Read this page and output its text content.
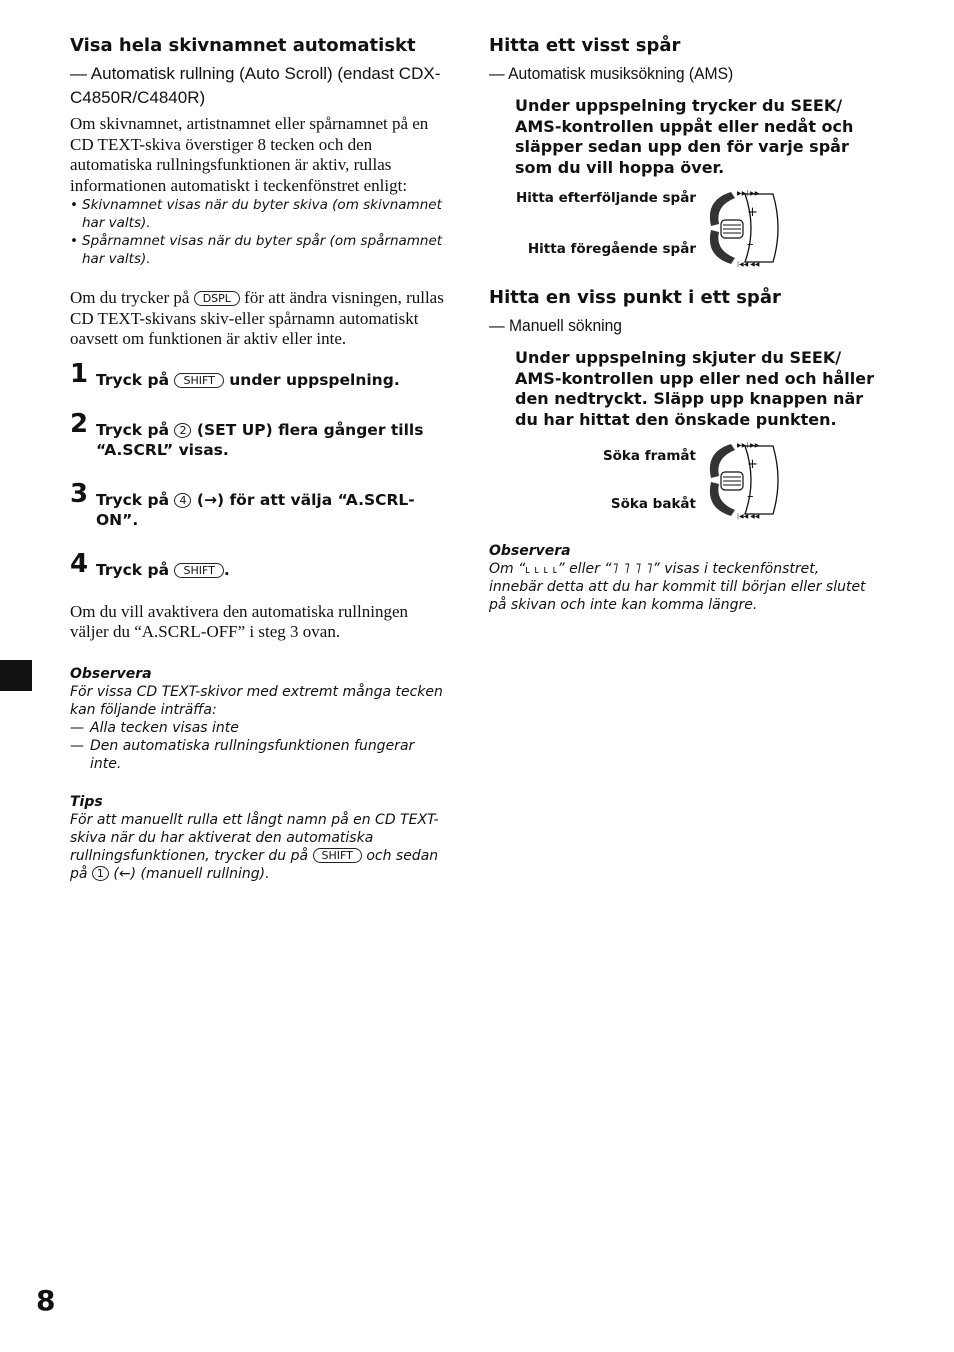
Visa hela skivnamnet automatiskt
— Automatisk rullning (Auto Scroll) (endast CDX-C4850R/C4840R)

Om skivnamnet, artistnamnet eller spårnamnet på en CD TEXT-skiva överstiger 8 tecken och den automatiska rullningsfunktionen är aktiv, rullas informationen automatiskt i teckenfönstret enligt:

• Skivnamnet visas när du byter skiva (om skivnamnet har valts).
• Spårnamnet visas när du byter spår (om spårnamnet har valts).

Om du trycker på DSPL för att ändra visningen, rullas CD TEXT-skivans skiv-eller spårnamn automatiskt oavsett om funktionen är aktiv eller inte.

1 Tryck på SHIFT under uppspelning.
2 Tryck på 2 (SET UP) flera gånger tills “A.SCRL” visas.
3 Tryck på 4 (→) för att välja “A.SCRL-ON”.
4 Tryck på SHIFT .

Om du vill avaktivera den automatiska rullningen väljer du “A.SCRL-OFF” i steg 3 ovan.

Observera

För vissa CD TEXT-skivor med extremt många tecken kan följande inträffa:

— Alla tecken visas inte

— Den automatiska rullningsfunktionen fungerar inte.

Tips

För att manuellt rulla ett långt namn på en CD TEXT-skiva när du har aktiverat den automatiska rullningsfunktionen, trycker du på SHIFT och sedan på 1 (←) (manuell rullning).

Hitta ett visst spår
— Automatisk musiksökning (AMS)

Under uppspelning trycker du SEEK/ AMS-kontrollen uppåt eller nedåt och släpper sedan upp den för varje spår som du vill hoppa över.

Hitta efterföljande spår
Hitta föregående spår
+
–
▶▶| ▶▶
|◀◀ ◀◀
Hitta en viss punkt i ett spår
— Manuell sökning

Under uppspelning skjuter du SEEK/ AMS-kontrollen upp eller ned och håller den nedtryckt. Släpp upp knappen när du har hittat den önskade punkten.

Söka framåt
Söka bakåt
+
–
▶▶| ▶▶
|◀◀ ◀◀

Observera

Om “˪ ˪ ˪ ˪” eller “˥ ˥ ˥ ˥” visas i teckenfönstret, innebär detta att du har kommit till början eller slutet på skivan och inte kan komma längre.

8
